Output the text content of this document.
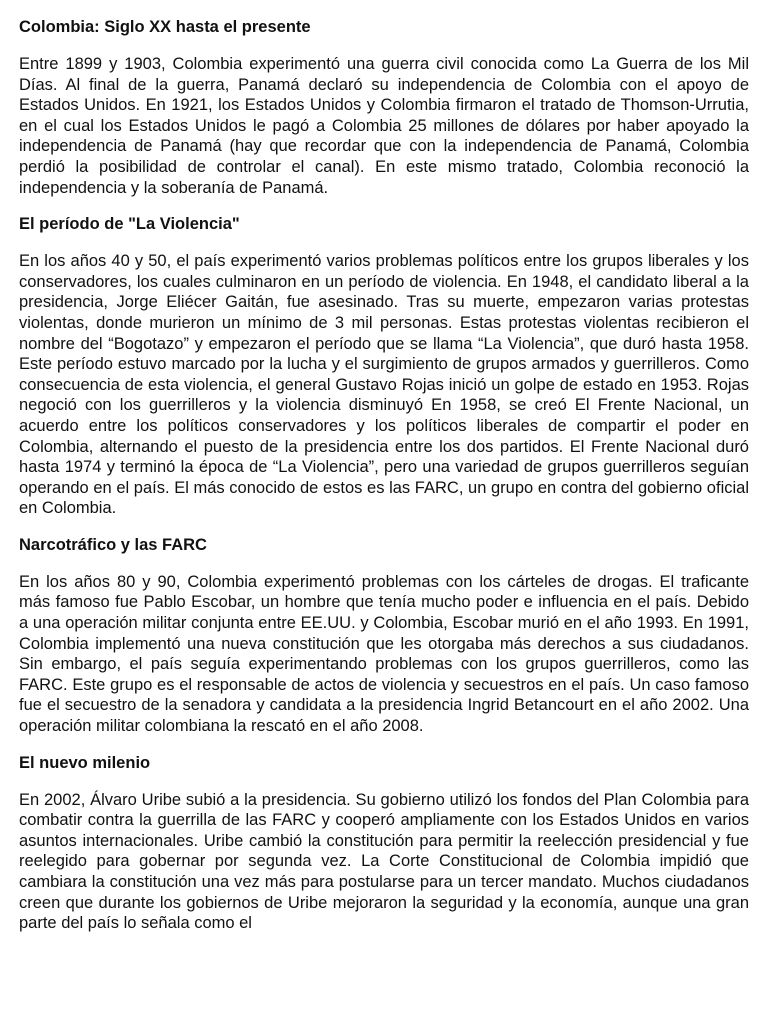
Colombia: Siglo XX hasta el presente

Entre 1899 y 1903, Colombia experimentó una guerra civil conocida como La Guerra de los Mil Días. Al final de la guerra, Panamá declaró su independencia de Colombia con el apoyo de Estados Unidos. En 1921, los Estados Unidos y Colombia firmaron el tratado de Thomson-Urrutia, en el cual los Estados Unidos le pagó a Colombia 25 millones de dólares por haber apoyado la independencia de Panamá (hay que recordar que con la independencia de Panamá, Colombia perdió la posibilidad de controlar el canal). En este mismo tratado, Colombia reconoció la independencia y la soberanía de Panamá.

El período de "La Violencia"

En los años 40 y 50, el país experimentó varios problemas políticos entre los grupos liberales y los conservadores, los cuales culminaron en un período de violencia. En 1948, el candidato liberal a la presidencia, Jorge Eliécer Gaitán, fue asesinado. Tras su muerte, empezaron varias protestas violentas, donde murieron un mínimo de 3 mil personas. Estas protestas violentas recibieron el nombre del “Bogotazo” y empezaron el período que se llama “La Violencia”, que duró hasta 1958. Este período estuvo marcado por la lucha y el surgimiento de grupos armados y guerrilleros. Como consecuencia de esta violencia, el general Gustavo Rojas inició un golpe de estado en 1953. Rojas negoció con los guerrilleros y la violencia disminuyó En 1958, se creó El Frente Nacional, un acuerdo entre los políticos conservadores y los políticos liberales de compartir el poder en Colombia, alternando el puesto de la presidencia entre los dos partidos. El Frente Nacional duró hasta 1974 y terminó la época de “La Violencia”, pero una variedad de grupos guerrilleros seguían operando en el país. El más conocido de estos es las FARC, un grupo en contra del gobierno oficial en Colombia.

Narcotráfico y las FARC

En los años 80 y 90, Colombia experimentó problemas con los cárteles de drogas. El traficante más famoso fue Pablo Escobar, un hombre que tenía mucho poder e influencia en el país. Debido a una operación militar conjunta entre EE.UU. y Colombia, Escobar murió en el año 1993. En 1991, Colombia implementó una nueva constitución que les otorgaba más derechos a sus ciudadanos. Sin embargo, el país seguía experimentando problemas con los grupos guerrilleros, como las FARC. Este grupo es el responsable de actos de violencia y secuestros en el país. Un caso famoso fue el secuestro de la senadora y candidata a la presidencia Ingrid Betancourt en el año 2002. Una operación militar colombiana la rescató en el año 2008.

El nuevo milenio

En 2002, Álvaro Uribe subió a la presidencia. Su gobierno utilizó los fondos del Plan Colombia para combatir contra la guerrilla de las FARC y cooperó ampliamente con los Estados Unidos en varios asuntos internacionales. Uribe cambió la constitución para permitir la reelección presidencial y fue reelegido para gobernar por segunda vez. La Corte Constitucional de Colombia impidió que cambiara la constitución una vez más para postularse para un tercer mandato. Muchos ciudadanos creen que durante los gobiernos de Uribe mejoraron la seguridad y la economía, aunque una gran parte del país lo señala como el
